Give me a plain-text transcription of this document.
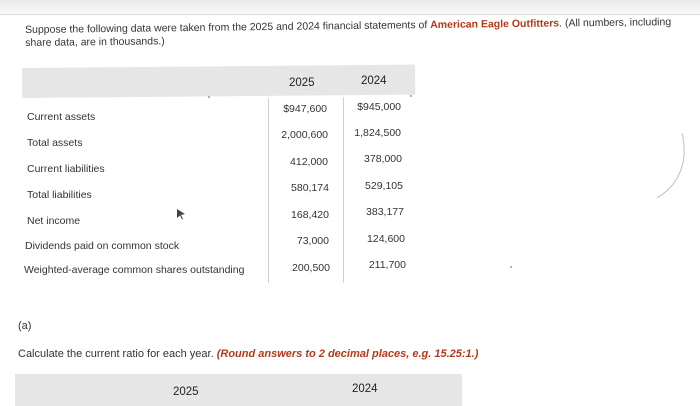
Suppose the following data were taken from the 2025 and 2024 financial statements of American Eagle Outfitters. (All numbers, including share data, are in thousands.)
2025	2024
Current assets
Total assets
Current liabilities
Total liabilities
Net income
Dividends paid on common stock
Weighted-average common shares outstanding
$947,600
2,000,600
412,000
580,174
168,420
73,000
200,500
$945,000
1,824,500
378,000
529,105
383,177
124,600
211,700
(a)
Calculate the current ratio for each year. (Round answers to 2 decimal places, e.g. 15.25:1.)
2025	2024
